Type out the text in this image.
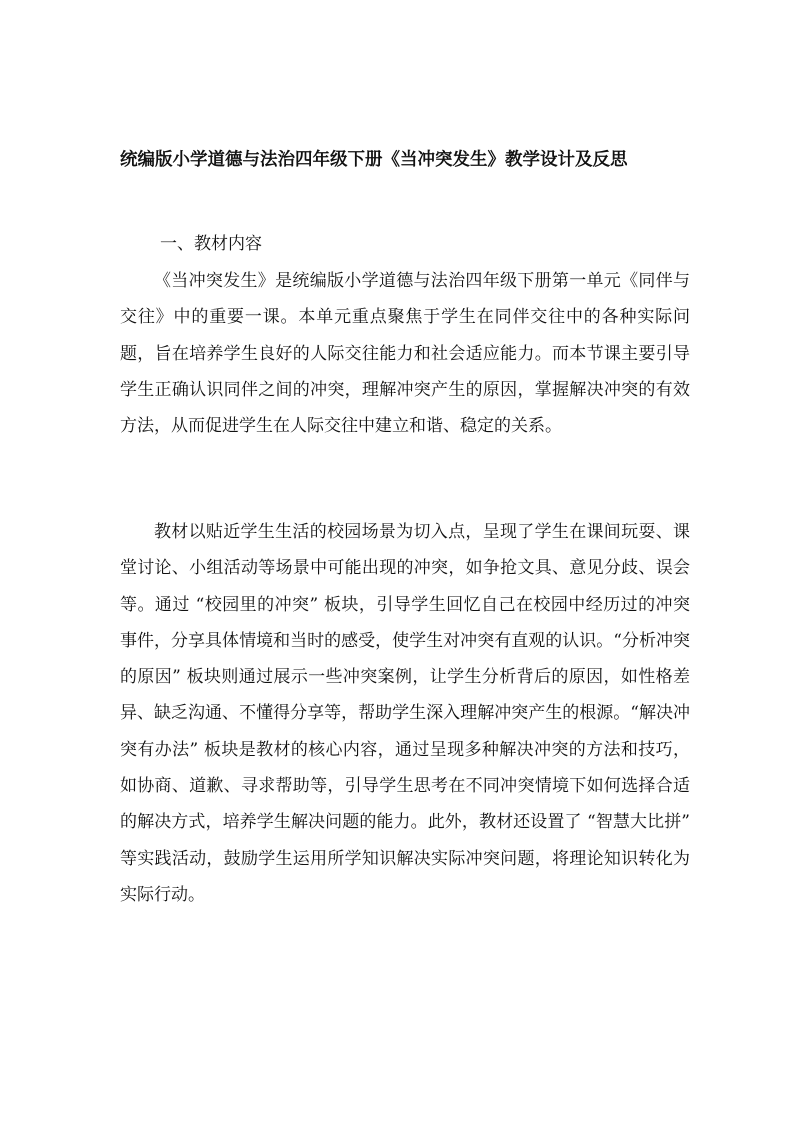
统编版小学道德与法治四年级下册《当冲突发生》教学设计及反思
一、教材内容

《当冲突发生》是统编版小学道德与法治四年级下册第一单元《同伴与交往》中的重要一课。本单元重点聚焦于学生在同伴交往中的各种实际问题，旨在培养学生良好的人际交往能力和社会适应能力。而本节课主要引导学生正确认识同伴之间的冲突，理解冲突产生的原因，掌握解决冲突的有效方法，从而促进学生在人际交往中建立和谐、稳定的关系。

教材以贴近学生生活的校园场景为切入点，呈现了学生在课间玩耍、课堂讨论、小组活动等场景中可能出现的冲突，如争抢文具、意见分歧、误会等。通过 “校园里的冲突” 板块，引导学生回忆自己在校园中经历过的冲突事件，分享具体情境和当时的感受，使学生对冲突有直观的认识。“分析冲突的原因” 板块则通过展示一些冲突案例，让学生分析背后的原因，如性格差异、缺乏沟通、不懂得分享等，帮助学生深入理解冲突产生的根源。“解决冲突有办法” 板块是教材的核心内容，通过呈现多种解决冲突的方法和技巧，如协商、道歉、寻求帮助等，引导学生思考在不同冲突情境下如何选择合适的解决方式，培养学生解决问题的能力。此外，教材还设置了 “智慧大比拼” 等实践活动，鼓励学生运用所学知识解决实际冲突问题，将理论知识转化为实际行动。
